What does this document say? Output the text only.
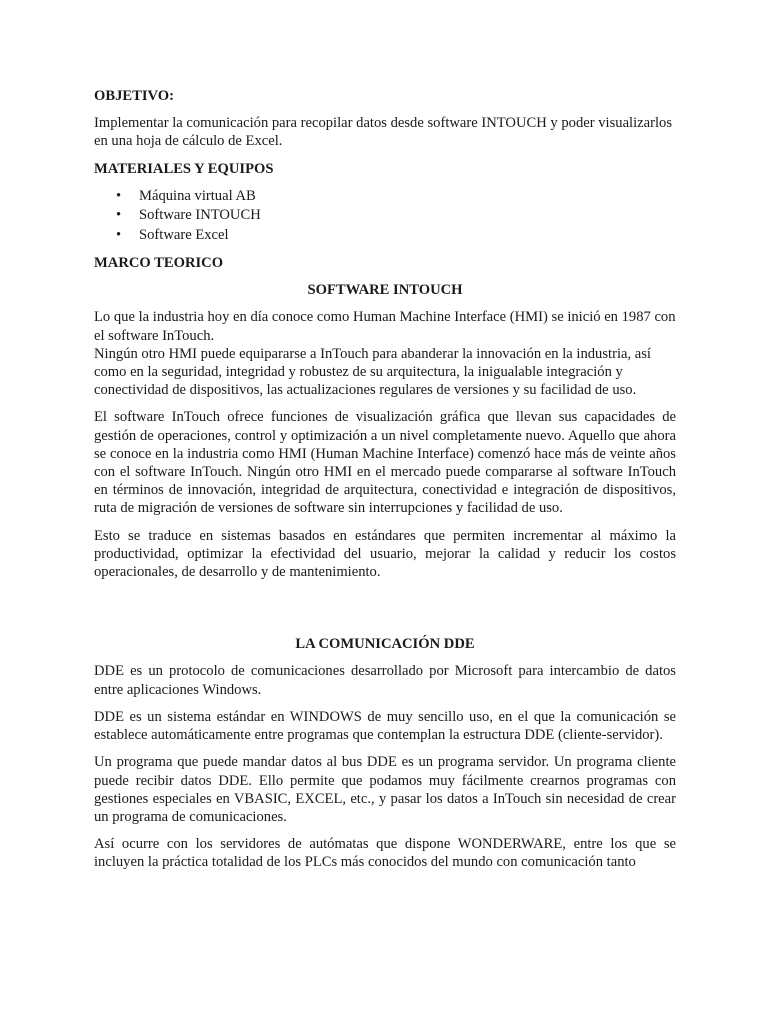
OBJETIVO:

Implementar la comunicación para recopilar datos desde software INTOUCH y poder visualizarlos en una hoja de cálculo de Excel.

MATERIALES Y EQUIPOS
• Máquina virtual AB
• Software INTOUCH
• Software Excel
MARCO TEORICO
SOFTWARE INTOUCH

Lo que la industria hoy en día conoce como Human Machine Interface (HMI) se inició en 1987 con el software InTouch.
Ningún otro HMI puede equipararse a InTouch para abanderar la innovación en la industria, así como en la seguridad, integridad y robustez de su arquitectura, la inigualable integración y conectividad de dispositivos, las actualizaciones regulares de versiones y su facilidad de uso.

El software InTouch ofrece funciones de visualización gráfica que llevan sus capacidades de gestión de operaciones, control y optimización a un nivel completamente nuevo. Aquello que ahora se conoce en la industria como HMI (Human Machine Interface) comenzó hace más de veinte años con el software InTouch. Ningún otro HMI en el mercado puede compararse al software InTouch en términos de innovación, integridad de arquitectura, conectividad e integración de dispositivos, ruta de migración de versiones de software sin interrupciones y facilidad de uso.

Esto se traduce en sistemas basados en estándares que permiten incrementar al máximo la productividad, optimizar la efectividad del usuario, mejorar la calidad y reducir los costos operacionales, de desarrollo y de mantenimiento.

LA COMUNICACIÓN DDE

DDE es un protocolo de comunicaciones desarrollado por Microsoft para intercambio de datos entre aplicaciones Windows.

DDE es un sistema estándar en WINDOWS de muy sencillo uso, en el que la comunicación se establece automáticamente entre programas que contemplan la estructura DDE (cliente-servidor).

Un programa que puede mandar datos al bus DDE es un programa servidor. Un programa cliente puede recibir datos DDE. Ello permite que podamos muy fácilmente crearnos programas con gestiones especiales en VBASIC, EXCEL, etc., y pasar los datos a InTouch sin necesidad de crear un programa de comunicaciones.

Así ocurre con los servidores de autómatas que dispone WONDERWARE, entre los que se incluyen la práctica totalidad de los PLCs más conocidos del mundo con comunicación tanto
